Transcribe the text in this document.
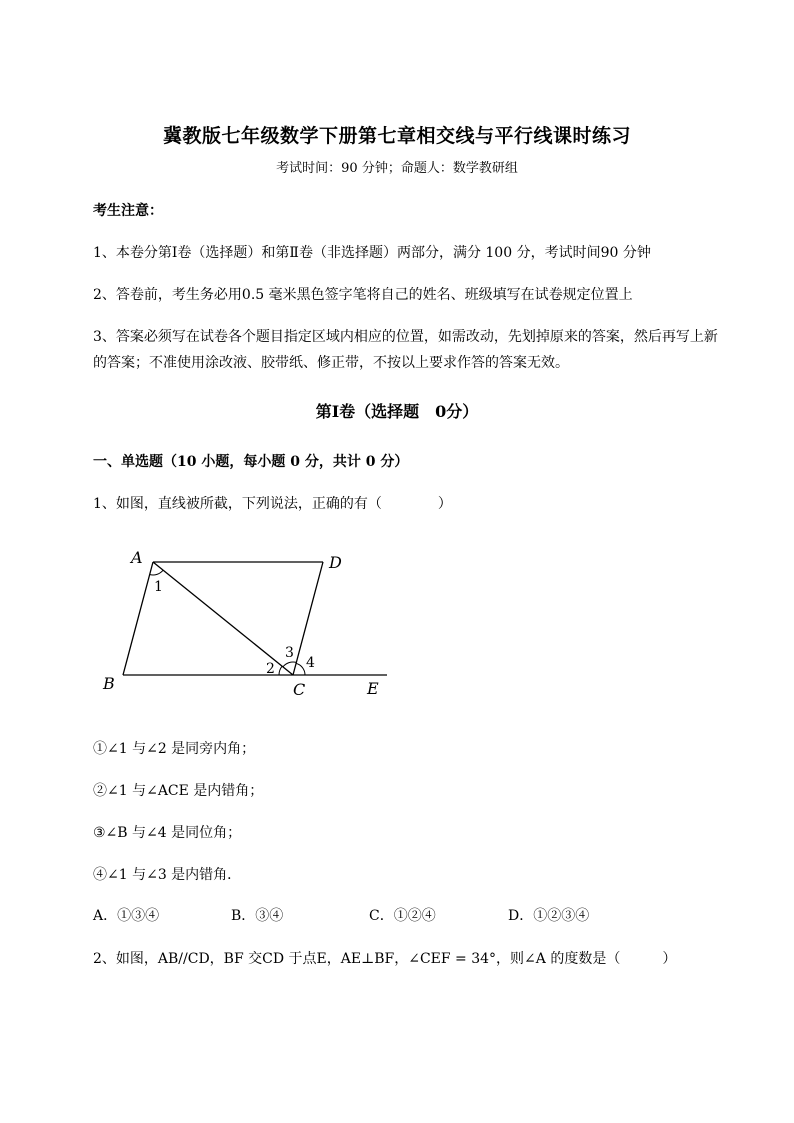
冀教版七年级数学下册第七章相交线与平行线课时练习
考试时间：90 分钟；命题人：数学教研组
考生注意：
1、本卷分第Ⅰ卷（选择题）和第Ⅱ卷（非选择题）两部分，满分 100 分，考试时间90 分钟
2、答卷前，考生务必用0.5 毫米黑色签字笔将自己的姓名、班级填写在试卷规定位置上
3、答案必须写在试卷各个题目指定区域内相应的位置，如需改动，先划掉原来的答案，然后再写上新
的答案；不准使用涂改液、胶带纸、修正带，不按以上要求作答的答案无效。
第Ⅰ卷（选择题　0分）
一、单选题（10 小题，每小题 0 分，共计 0 分）
1、如图，直线被所截，下列说法，正确的有（　　　　）
A	D
B	C	E
1
2
3
4
①∠1 与∠2 是同旁内角；
②∠1 与∠ACE 是内错角；
③∠B 与∠4 是同位角；
④∠1 与∠3 是内错角．
A．①③④	B．③④	C．①②④	D．①②③④
2、如图，AB//CD，BF 交CD 于点E，AE⊥BF，∠CEF = 34°，则∠A 的度数是（　　　）
